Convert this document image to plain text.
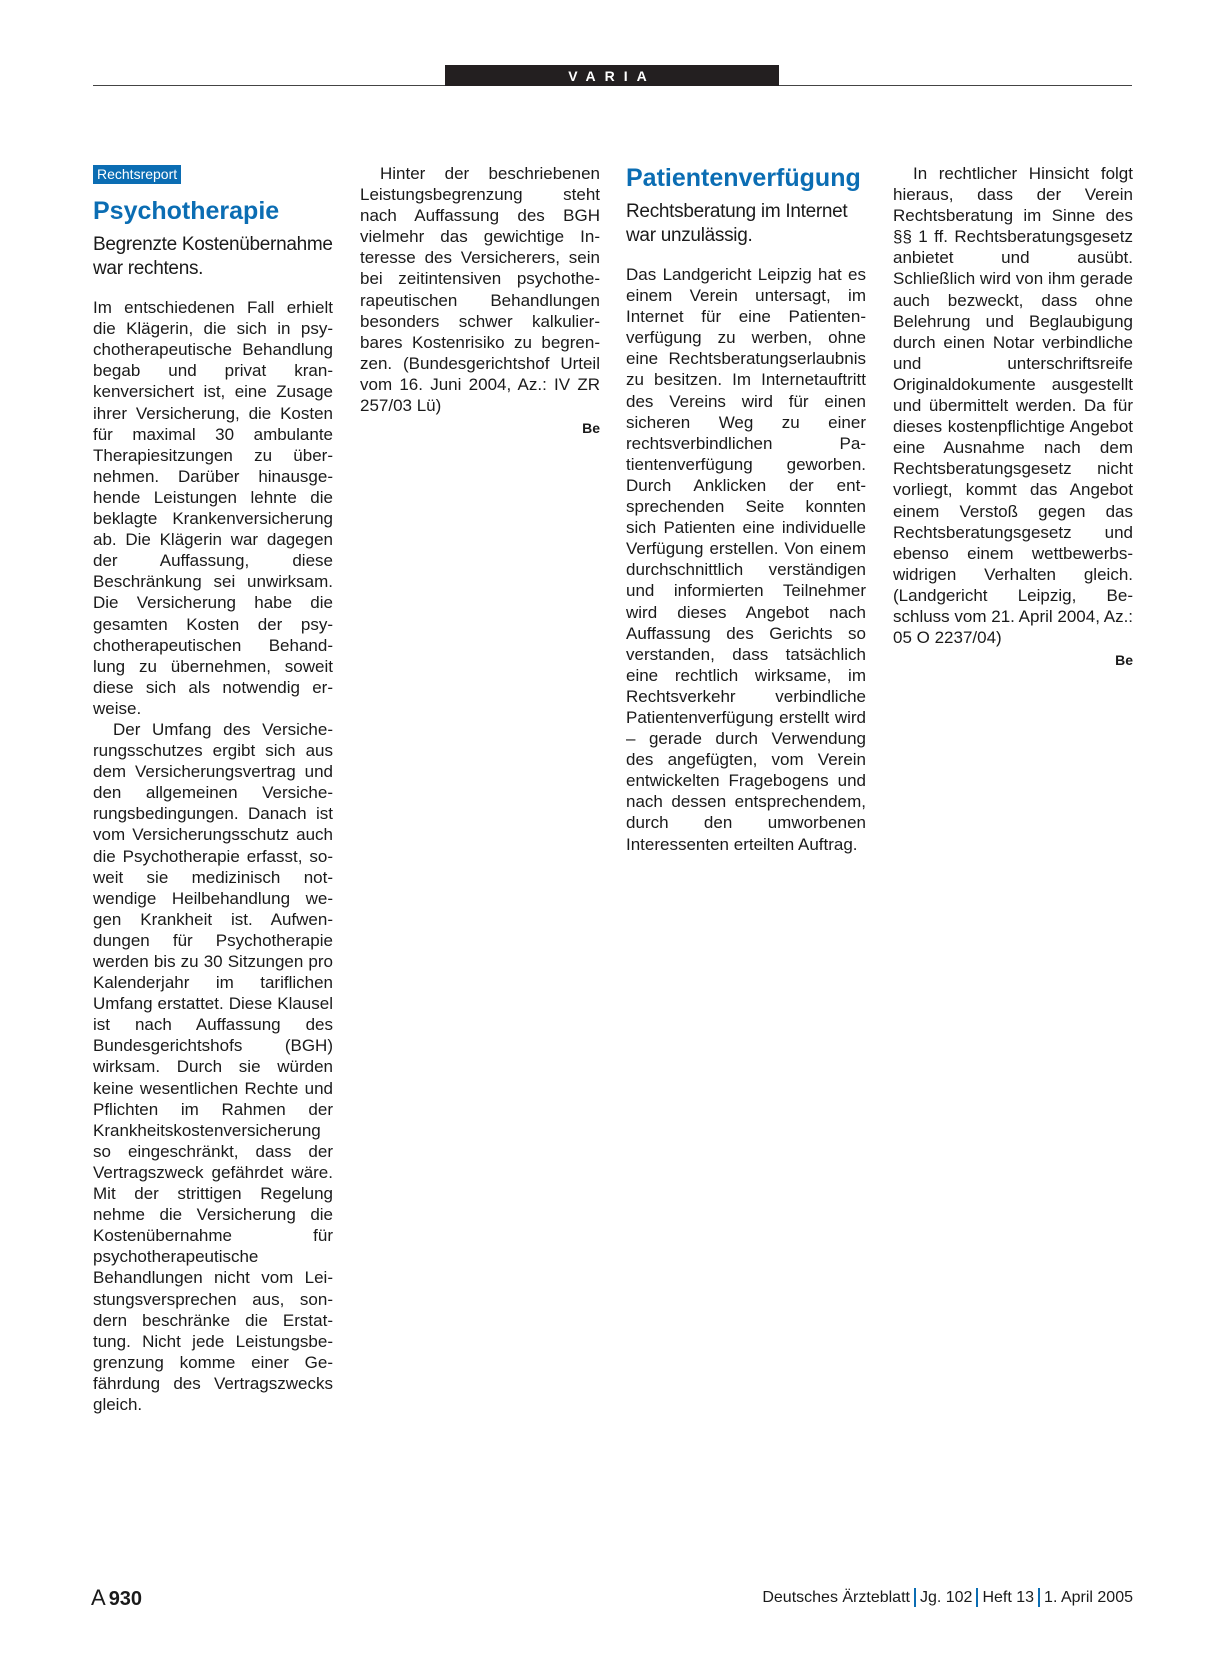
VARIA
Rechtsreport
Psychotherapie
Begrenzte Kostenübernahme war rechtens.

Im entschiedenen Fall erhielt die Klägerin, die sich in psychotherapeutische Behandlung begab und privat krankenversichert ist, eine Zusage ihrer Versicherung, die Kosten für maximal 30 ambulante Therapiesitzungen zu übernehmen. Darüber hinausgehende Leistungen lehnte die beklagte Krankenversicherung ab. Die Klägerin war dagegen der Auffassung, diese Beschränkung sei unwirksam. Die Versicherung habe die gesamten Kosten der psychotherapeutischen Behandlung zu übernehmen, soweit diese sich als notwendig erweise.

Der Umfang des Versicherungsschutzes ergibt sich aus dem Versicherungsvertrag und den allgemeinen Versicherungsbedingungen. Danach ist vom Versicherungsschutz auch die Psychotherapie erfasst, soweit sie medizinisch notwendige Heilbehandlung wegen Krankheit ist. Aufwendungen für Psychotherapie werden bis zu 30 Sitzungen pro Kalenderjahr im tariflichen Umfang erstattet. Diese Klausel ist nach Auffassung des Bundesgerichtshofs (BGH) wirksam. Durch sie würden keine wesentlichen Rechte und Pflichten im Rahmen der Krankheitskostenversicherung so eingeschränkt, dass der Vertragszweck gefährdet wäre. Mit der strittigen Regelung nehme die Versicherung die Kostenübernahme für psychotherapeutische Behandlungen nicht vom Leistungsversprechen aus, sondern beschränke die Erstattung. Nicht jede Leistungsbegrenzung komme einer Gefährdung des Vertragszwecks gleich.

Hinter der beschriebenen Leistungsbegrenzung steht nach Auffassung des BGH vielmehr das gewichtige Interesse des Versicherers, sein bei zeitintensiven psychotherapeutischen Behandlungen besonders schwer kalkulierbares Kostenrisiko zu begrenzen. (Bundesgerichtshof Urteil vom 16. Juni 2004, Az.: IV ZR 257/03 Lü)

Be
Patientenverfügung
Rechtsberatung im Internet war unzulässig.

Das Landgericht Leipzig hat es einem Verein untersagt, im Internet für eine Patientenverfügung zu werben, ohne eine Rechtsberatungserlaubnis zu besitzen. Im Internetauftritt des Vereins wird für einen sicheren Weg zu einer rechtsverbindlichen Patientenverfügung geworben. Durch Anklicken der entsprechenden Seite konnten sich Patienten eine individuelle Verfügung erstellen. Von einem durchschnittlich verständigen und informierten Teilnehmer wird dieses Angebot nach Auffassung des Gerichts so verstanden, dass tatsächlich eine rechtlich wirksame, im Rechtsverkehr verbindliche Patientenverfügung erstellt wird – gerade durch Verwendung des angefügten, vom Verein entwickelten Fragebogens und nach dessen entsprechendem, durch den umworbenen Interessenten erteilten Auftrag.

In rechtlicher Hinsicht folgt hieraus, dass der Verein Rechtsberatung im Sinne des §§ 1 ff. Rechtsberatungsgesetz anbietet und ausübt. Schließlich wird von ihm gerade auch bezweckt, dass ohne Belehrung und Beglaubigung durch einen Notar verbindliche und unterschriftsreife Originaldokumente ausgestellt und übermittelt werden. Da für dieses kostenpflichtige Angebot eine Ausnahme nach dem Rechtsberatungsgesetz nicht vorliegt, kommt das Angebot einem Verstoß gegen das Rechtsberatungsgesetz und ebenso einem wettbewerbswidrigen Verhalten gleich. (Landgericht Leipzig, Beschluss vom 21. April 2004, Az.: 05 O 2237/04)

Be
A 930	Deutsches Ärzteblatt Jg. 102 Heft 13 1. April 2005
